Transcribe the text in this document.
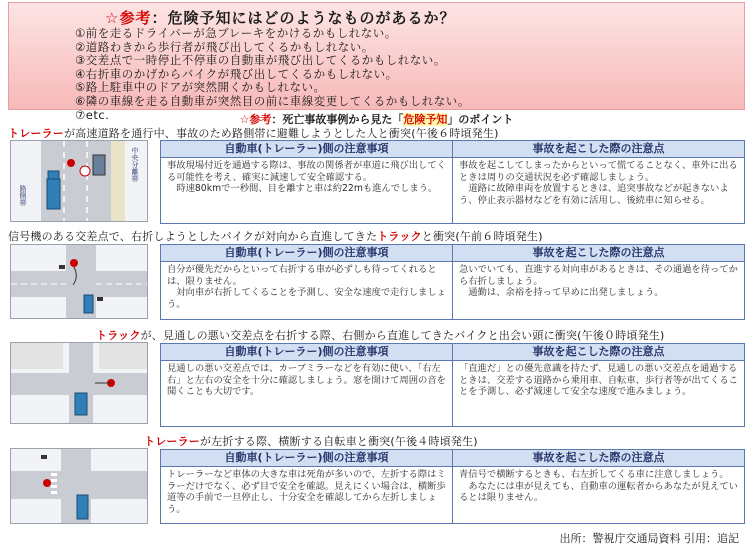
☆参考：危険予知にはどのようなものがあるか？
①前を走るドライバーが急ブレーキをかけるかもしれない。
②道路わきから歩行者が飛び出してくるかもしれない。
③交差点で一時停止不停車の自動車が飛び出してくるかもしれない。
④右折車のかげからバイクが飛び出してくるかもしれない。
⑤路上駐車中のドアが突然開くかもしれない。
⑥隣の車線を走る自動車が突然目の前に車線変更してくるかもしれない。
⑦etc.	☆参考：死亡事故事例から見た「危険予知」のポイント
トレーラーが高速道路を通行中、事故のため路側帯に避難しようとした人と衝突(午後６時頃発生)
中央分離帯
路側帯
自動車(トレーラー)側の注意事項	事故を起こした際の注意点
事故現場付近を通過する際は、事故の関係者が車道に飛び出してくる可能性を考え、確実に減速して安全確認する。
　時速80kmで一秒間、目を離すと車は約22mも進んでしまう。
事故を起こしてしまったからといって慌てることなく、車外に出るときは周りの交通状況を必ず確認しましょう。
　道路に故障車両を放置するときは、追突事故などが起きないよう、停止表示器材などを有効に活用し、後続車に知らせる。
信号機のある交差点で、右折しようとしたバイクが対向から直進してきたトラックと衝突(午前６時頃発生)
自動車(トレーラー)側の注意事項	事故を起こした際の注意点
自分が優先だからといって右折する車が必ずしも待ってくれるとは、限りません。
　対向車が右折してくることを予測し、安全な速度で走行しましょう。
急いでいても、直進する対向車があるときは、その通過を待ってから右折しましょう。
　通勤は、余裕を持って早めに出発しましょう。
トラックが、見通しの悪い交差点を右折する際、右側から直進してきたバイクと出会い頭に衝突(午後０時頃発生)
自動車(トレーラー)側の注意事項	事故を起こした際の注意点
見通しの悪い交差点では、カーブミラーなどを有効に使い、「右左右」と左右の安全を十分に確認しましょう。窓を開けて周囲の音を聞くことも大切です。
「直進だ」との優先意識を持たず、見通しの悪い交差点を通過するときは、交差する道路から乗用車、自転車、歩行者等が出てくることを予測し、必ず減速して安全な速度で進みましょう。
トレーラーが左折する際、横断する自転車と衝突(午後４時頃発生)
自動車(トレーラー)側の注意事項	事故を起こした際の注意点
トレーラーなど車体の大きな車は死角が多いので、左折する際はミラーだけでなく、必ず目で安全を確認。見えにくい場合は、横断歩道等の手前で一旦停止し、十分安全を確認してから左折しましょう。
青信号で横断するときも、右左折してくる車に注意しましょう。
　あなたには車が見えても、自動車の運転者からあなたが見えているとは限りません。
出所：警視庁交通局資料 引用：追記
